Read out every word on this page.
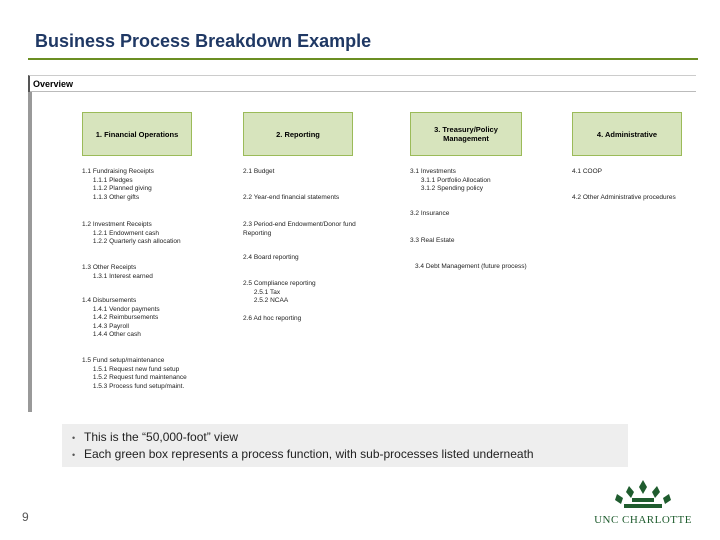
Business Process Breakdown Example
Overview
1. Financial Operations
1.1 Fundraising Receipts
1.1.1 Pledges
1.1.2 Planned giving
1.1.3 Other gifts
1.2 Investment Receipts
1.2.1 Endowment cash
1.2.2 Quarterly cash allocation
1.3 Other Receipts
1.3.1 Interest earned
1.4 Disbursements
1.4.1 Vendor payments
1.4.2 Reimbursements
1.4.3 Payroll
1.4.4 Other cash
1.5 Fund setup/maintenance
1.5.1 Request new fund setup
1.5.2 Request fund maintenance
1.5.3 Process fund setup/maint.
2. Reporting
2.1 Budget
2.2 Year-end financial statements
2.3 Period-end Endowment/Donor fund
Reporting
2.4 Board reporting
2.5 Compliance reporting
2.5.1 Tax
2.5.2 NCAA
2.6 Ad hoc reporting
3. Treasury/Policy Management
3.1 Investments
3.1.1 Portfolio Allocation
3.1.2 Spending policy
3.2 Insurance
3.3 Real Estate
3.4 Debt Management (future process)
4. Administrative
4.1 COOP
4.2 Other Administrative procedures
• This is the “50,000-foot” view
• Each green box represents a process function, with sub-processes listed underneath
9	UNC CHARLOTTE
